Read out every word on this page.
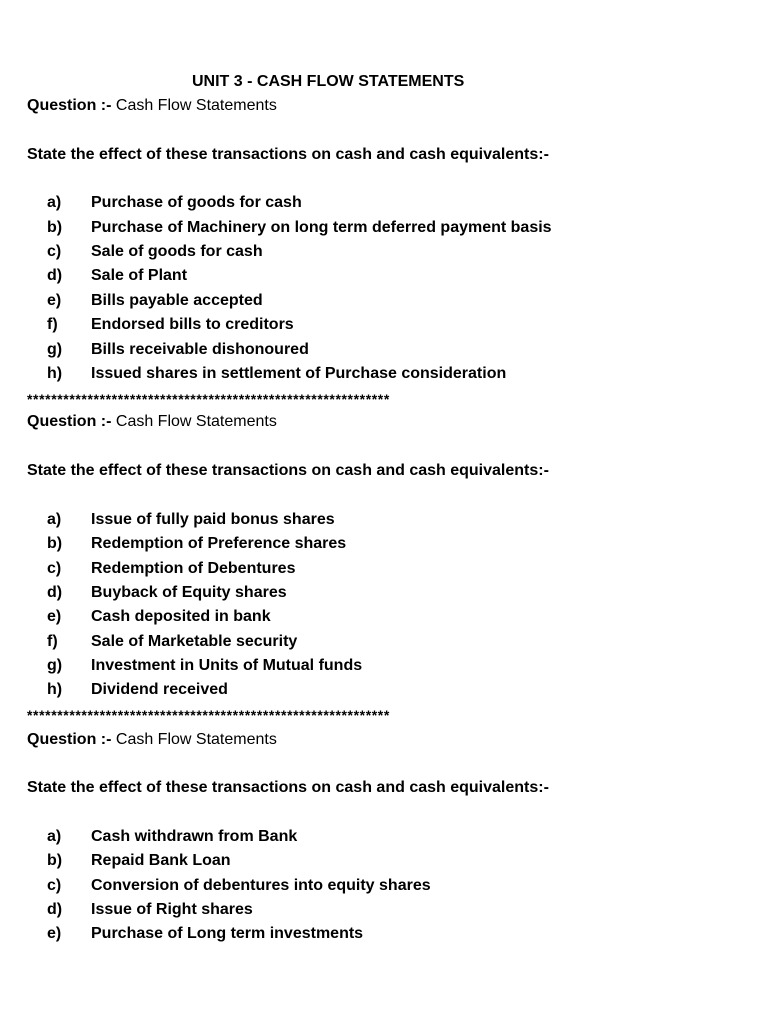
UNIT 3 - CASH FLOW STATEMENTS
Question :- Cash Flow Statements
State the effect of these transactions on cash and cash equivalents:-
a)	Purchase of goods for cash
b)	Purchase of Machinery on long term deferred payment basis
c)	Sale of goods for cash
d)	Sale of Plant
e)	Bills payable accepted
f)	Endorsed bills to creditors
g)	Bills receivable dishonoured
h)	Issued shares in settlement of Purchase consideration
************************************************************
Question :- Cash Flow Statements
State the effect of these transactions on cash and cash equivalents:-
a)	Issue of fully paid bonus shares
b)	Redemption of Preference shares
c)	Redemption of Debentures
d)	Buyback of Equity shares
e)	Cash deposited in bank
f)	Sale of Marketable security
g)	Investment in Units of Mutual funds
h)	Dividend received
************************************************************
Question :- Cash Flow Statements
State the effect of these transactions on cash and cash equivalents:-
a)	Cash withdrawn from Bank
b)	Repaid Bank Loan
c)	Conversion of debentures into equity shares
d)	Issue of Right shares
e)	Purchase of Long term investments
